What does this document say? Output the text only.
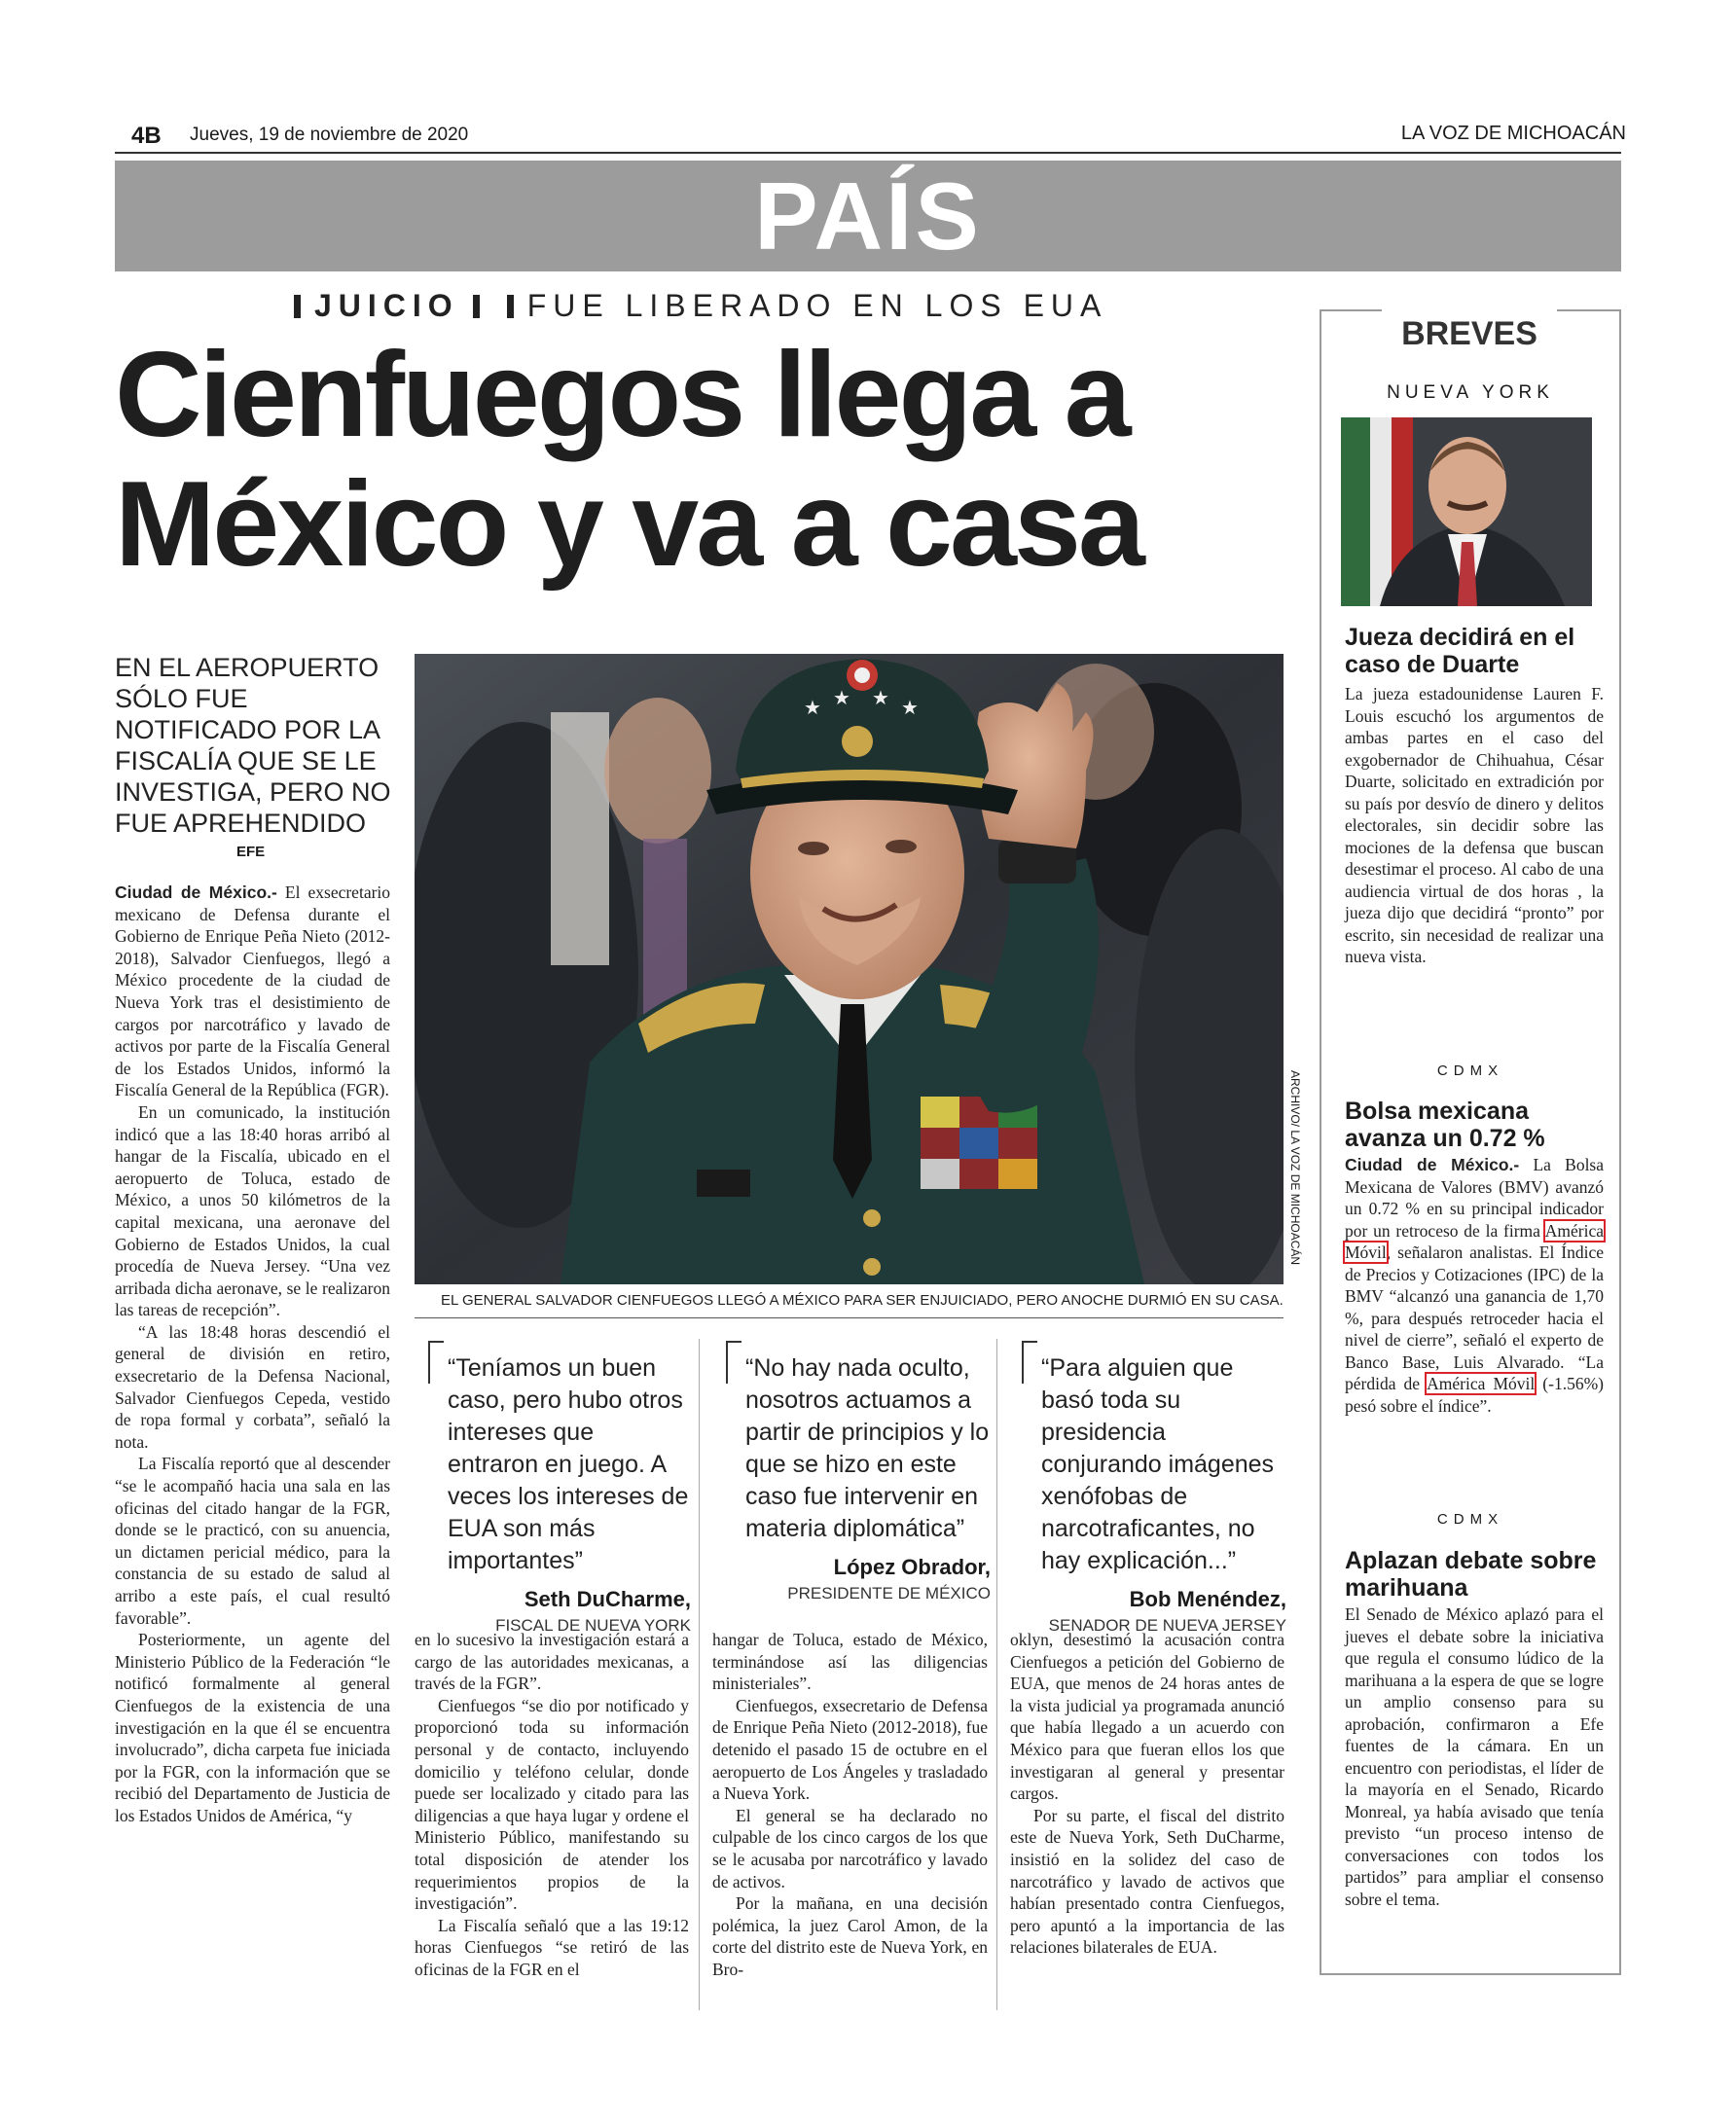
4B Jueves, 19 de noviembre de 2020	LA VOZ DE MICHOACÁN
PAÍS
JUICIO FUE LIBERADO EN LOS EUA
Cienfuegos llega a
México y va a casa
EN EL AEROPUERTO SÓLO FUE NOTIFICADO POR LA FISCALÍA QUE SE LE INVESTIGA, PERO NO FUE APREHENDIDO
EFE
★ ★ ★ ★
ARCHIVO/ LA VOZ DE MICHOACÁN
EL GENERAL SALVADOR CIENFUEGOS LLEGÓ A MÉXICO PARA SER ENJUICIADO, PERO ANOCHE DURMIÓ EN SU CASA.

Ciudad de México.- El exsecretario mexicano de Defensa durante el Gobierno de Enrique Peña Nieto (2012-2018), Salvador Cienfuegos, llegó a México procedente de la ciudad de Nueva York tras el desistimiento de cargos por narcotráfico y lavado de activos por parte de la Fiscalía General de los Estados Unidos, informó la Fiscalía General de la República (FGR).

En un comunicado, la institución indicó que a las 18:40 horas arribó al hangar de la Fiscalía, ubicado en el aeropuerto de Toluca, estado de México, a unos 50 kilómetros de la capital mexicana, una aeronave del Gobierno de Estados Unidos, la cual procedía de Nueva Jersey. “Una vez arribada dicha aeronave, se le realizaron las tareas de recepción”.

“A las 18:48 horas descendió el general de división en retiro, exsecretario de la Defensa Nacional, Salvador Cienfuegos Cepeda, vestido de ropa formal y corbata”, señaló la nota.

La Fiscalía reportó que al descender “se le acompañó hacia una sala en las oficinas del citado hangar de la FGR, donde se le practicó, con su anuencia, un dictamen pericial médico, para la constancia de su estado de salud al arribo a este país, el cual resultó favorable”.

Posteriormente, un agente del Ministerio Público de la Federación “le notificó formalmente al general Cienfuegos de la existencia de una investigación en la que él se encuentra involucrado”, dicha carpeta fue iniciada por la FGR, con la información que se recibió del Departamento de Justicia de los Estados Unidos de América, “y

“Teníamos un buen caso, pero hubo otros intereses que entraron en juego. A veces los intereses de EUA son más importantes”
Seth DuCharme,
FISCAL DE NUEVA YORK
“No hay nada oculto, nosotros actuamos a partir de principios y lo que se hizo en este caso fue intervenir en materia diplomática”
López Obrador,
PRESIDENTE DE MÉXICO
“Para alguien que basó toda su presidencia conjurando imágenes xenófobas de narcotraficantes, no hay explicación...”
Bob Menéndez,
SENADOR DE NUEVA JERSEY

en lo sucesivo la investigación estará a cargo de las autoridades mexicanas, a través de la FGR”.

Cienfuegos “se dio por notificado y proporcionó toda su información personal y de contacto, incluyendo domicilio y teléfono celular, donde puede ser localizado y citado para las diligencias a que haya lugar y ordene el Ministerio Público, manifestando su total disposición de atender los requerimientos propios de la investigación”.

La Fiscalía señaló que a las 19:12 horas Cienfuegos “se retiró de las oficinas de la FGR en el

hangar de Toluca, estado de México, terminándose así las diligencias ministeriales”.

Cienfuegos, exsecretario de Defensa de Enrique Peña Nieto (2012-2018), fue detenido el pasado 15 de octubre en el aeropuerto de Los Ángeles y trasladado a Nueva York.

El general se ha declarado no culpable de los cinco cargos de los que se le acusaba por narcotráfico y lavado de activos.

Por la mañana, en una decisión polémica, la juez Carol Amon, de la corte del distrito este de Nueva York, en Bro-

oklyn, desestimó la acusación contra Cienfuegos a petición del Gobierno de EUA, que menos de 24 horas antes de la vista judicial ya programada anunció que había llegado a un acuerdo con México para que fueran ellos los que investigaran al general y presentar cargos.

Por su parte, el fiscal del distrito este de Nueva York, Seth DuCharme, insistió en la solidez del caso de narcotráfico y lavado de activos que habían presentado contra Cienfuegos, pero apuntó a la importancia de las relaciones bilaterales de EUA.

BREVES
NUEVA YORK
Jueza decidirá en el caso de Duarte

La jueza estadounidense Lauren F. Louis escuchó los argumentos de ambas partes en el caso del exgobernador de Chihuahua, César Duarte, solicitado en extradición por su país por desvío de dinero y delitos electorales, sin decidir sobre las mociones de la defensa que buscan desestimar el proceso. Al cabo de una audiencia virtual de dos horas , la jueza dijo que decidirá “pronto” por escrito, sin necesidad de realizar una nueva vista.

CDMX
Bolsa mexicana avanza un 0.72 %

Ciudad de México.- La Bolsa Mexicana de Valores (BMV) avanzó un 0.72 % en su principal indicador por un retroceso de la firma América Móvil, señalaron analistas. El Índice de Precios y Cotizaciones (IPC) de la BMV “alcanzó una ganancia de 1,70 %, para después retroceder hacia el nivel de cierre”, señaló el experto de Banco Base, Luis Alvarado. “La pérdida de América Móvil (-1.56%) pesó sobre el índice”.

CDMX
Aplazan debate sobre marihuana

El Senado de México aplazó para el jueves el debate sobre la iniciativa que regula el consumo lúdico de la marihuana a la espera de que se logre un amplio consenso para su aprobación, confirmaron a Efe fuentes de la cámara. En un encuentro con periodistas, el líder de la mayoría en el Senado, Ricardo Monreal, ya había avisado que tenía previsto “un proceso intenso de conversaciones con todos los partidos” para ampliar el consenso sobre el tema.
